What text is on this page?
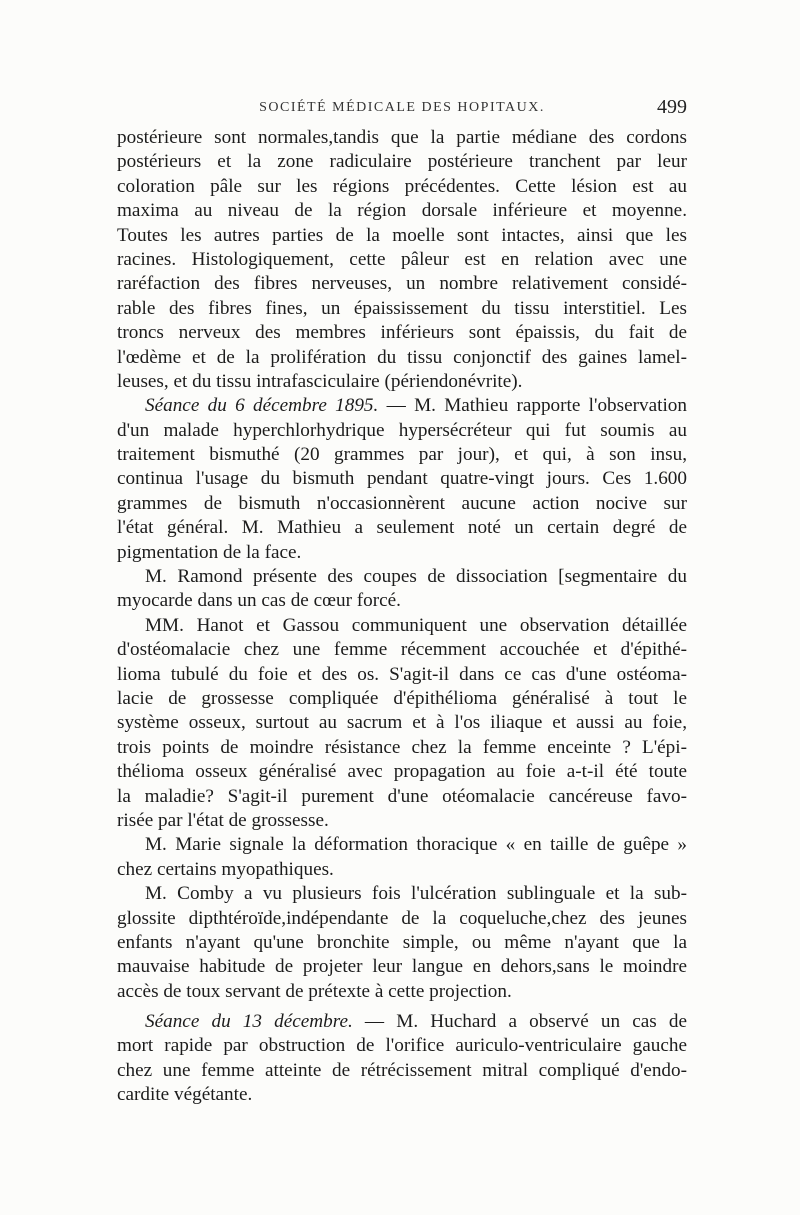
SOCIÉTÉ MÉDICALE DES HOPITAUX.	499
postérieure sont normales,tandis que la partie médiane des cordons
postérieurs et la zone radiculaire postérieure tranchent par leur
coloration pâle sur les régions précédentes. Cette lésion est au
maxima au niveau de la région dorsale inférieure et moyenne.
Toutes les autres parties de la moelle sont intactes, ainsi que les
racines. Histologiquement, cette pâleur est en relation avec une
raréfaction des fibres nerveuses, un nombre relativement considé-
rable des fibres fines, un épaississement du tissu interstitiel. Les
troncs nerveux des membres inférieurs sont épaissis, du fait de
l'œdème et de la prolifération du tissu conjonctif des gaines lamel-
leuses, et du tissu intrafasciculaire (périendonévrite).
Séance du 6 décembre 1895. — M. Mathieu rapporte l'observation
d'un malade hyperchlorhydrique hypersécréteur qui fut soumis au
traitement bismuthé (20 grammes par jour), et qui, à son insu,
continua l'usage du bismuth pendant quatre-vingt jours. Ces 1.600
grammes de bismuth n'occasionnèrent aucune action nocive sur
l'état général. M. Mathieu a seulement noté un certain degré de
pigmentation de la face.
M. Ramond présente des coupes de dissociation [segmentaire du
myocarde dans un cas de cœur forcé.
MM. Hanot et Gassou communiquent une observation détaillée
d'ostéomalacie chez une femme récemment accouchée et d'épithé-
lioma tubulé du foie et des os. S'agit-il dans ce cas d'une ostéoma-
lacie de grossesse compliquée d'épithélioma généralisé à tout le
système osseux, surtout au sacrum et à l'os iliaque et aussi au foie,
trois points de moindre résistance chez la femme enceinte ? L'épi-
thélioma osseux généralisé avec propagation au foie a-t-il été toute
la maladie? S'agit-il purement d'une otéomalacie cancéreuse favo-
risée par l'état de grossesse.
M. Marie signale la déformation thoracique « en taille de guêpe »
chez certains myopathiques.
M. Comby a vu plusieurs fois l'ulcération sublinguale et la sub-
glossite dipthtéroïde,indépendante de la coqueluche,chez des jeunes
enfants n'ayant qu'une bronchite simple, ou même n'ayant que la
mauvaise habitude de projeter leur langue en dehors,sans le moindre
accès de toux servant de prétexte à cette projection.
Séance du 13 décembre. — M. Huchard a observé un cas de
mort rapide par obstruction de l'orifice auriculo-ventriculaire gauche
chez une femme atteinte de rétrécissement mitral compliqué d'endo-
cardite végétante.
